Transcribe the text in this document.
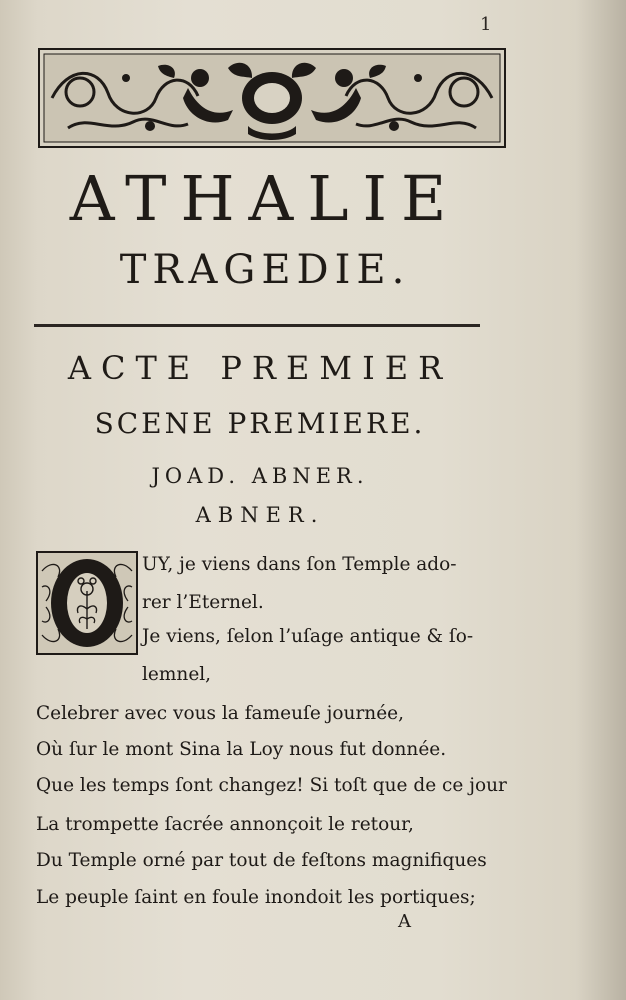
1
ATHALIE
TRAGEDIE.
ACTE PREMIER
SCENE PREMIERE.
JOAD. ABNER.
ABNER.
UY, je viens dans ſon Temple ado-
rer l’Eternel.
Je viens, ſelon l’uſage antique & ſo-
lemnel,
Celebrer avec vous la fameuſe journée,
Où ſur le mont Sina la Loy nous fut donnée.
Que les temps ſont changez! Si toſt que de ce jour
La trompette ſacrée annonçoit le retour,
Du Temple orné par tout de feſtons magnifiques
Le peuple ſaint en foule inondoit les portiques;
A
